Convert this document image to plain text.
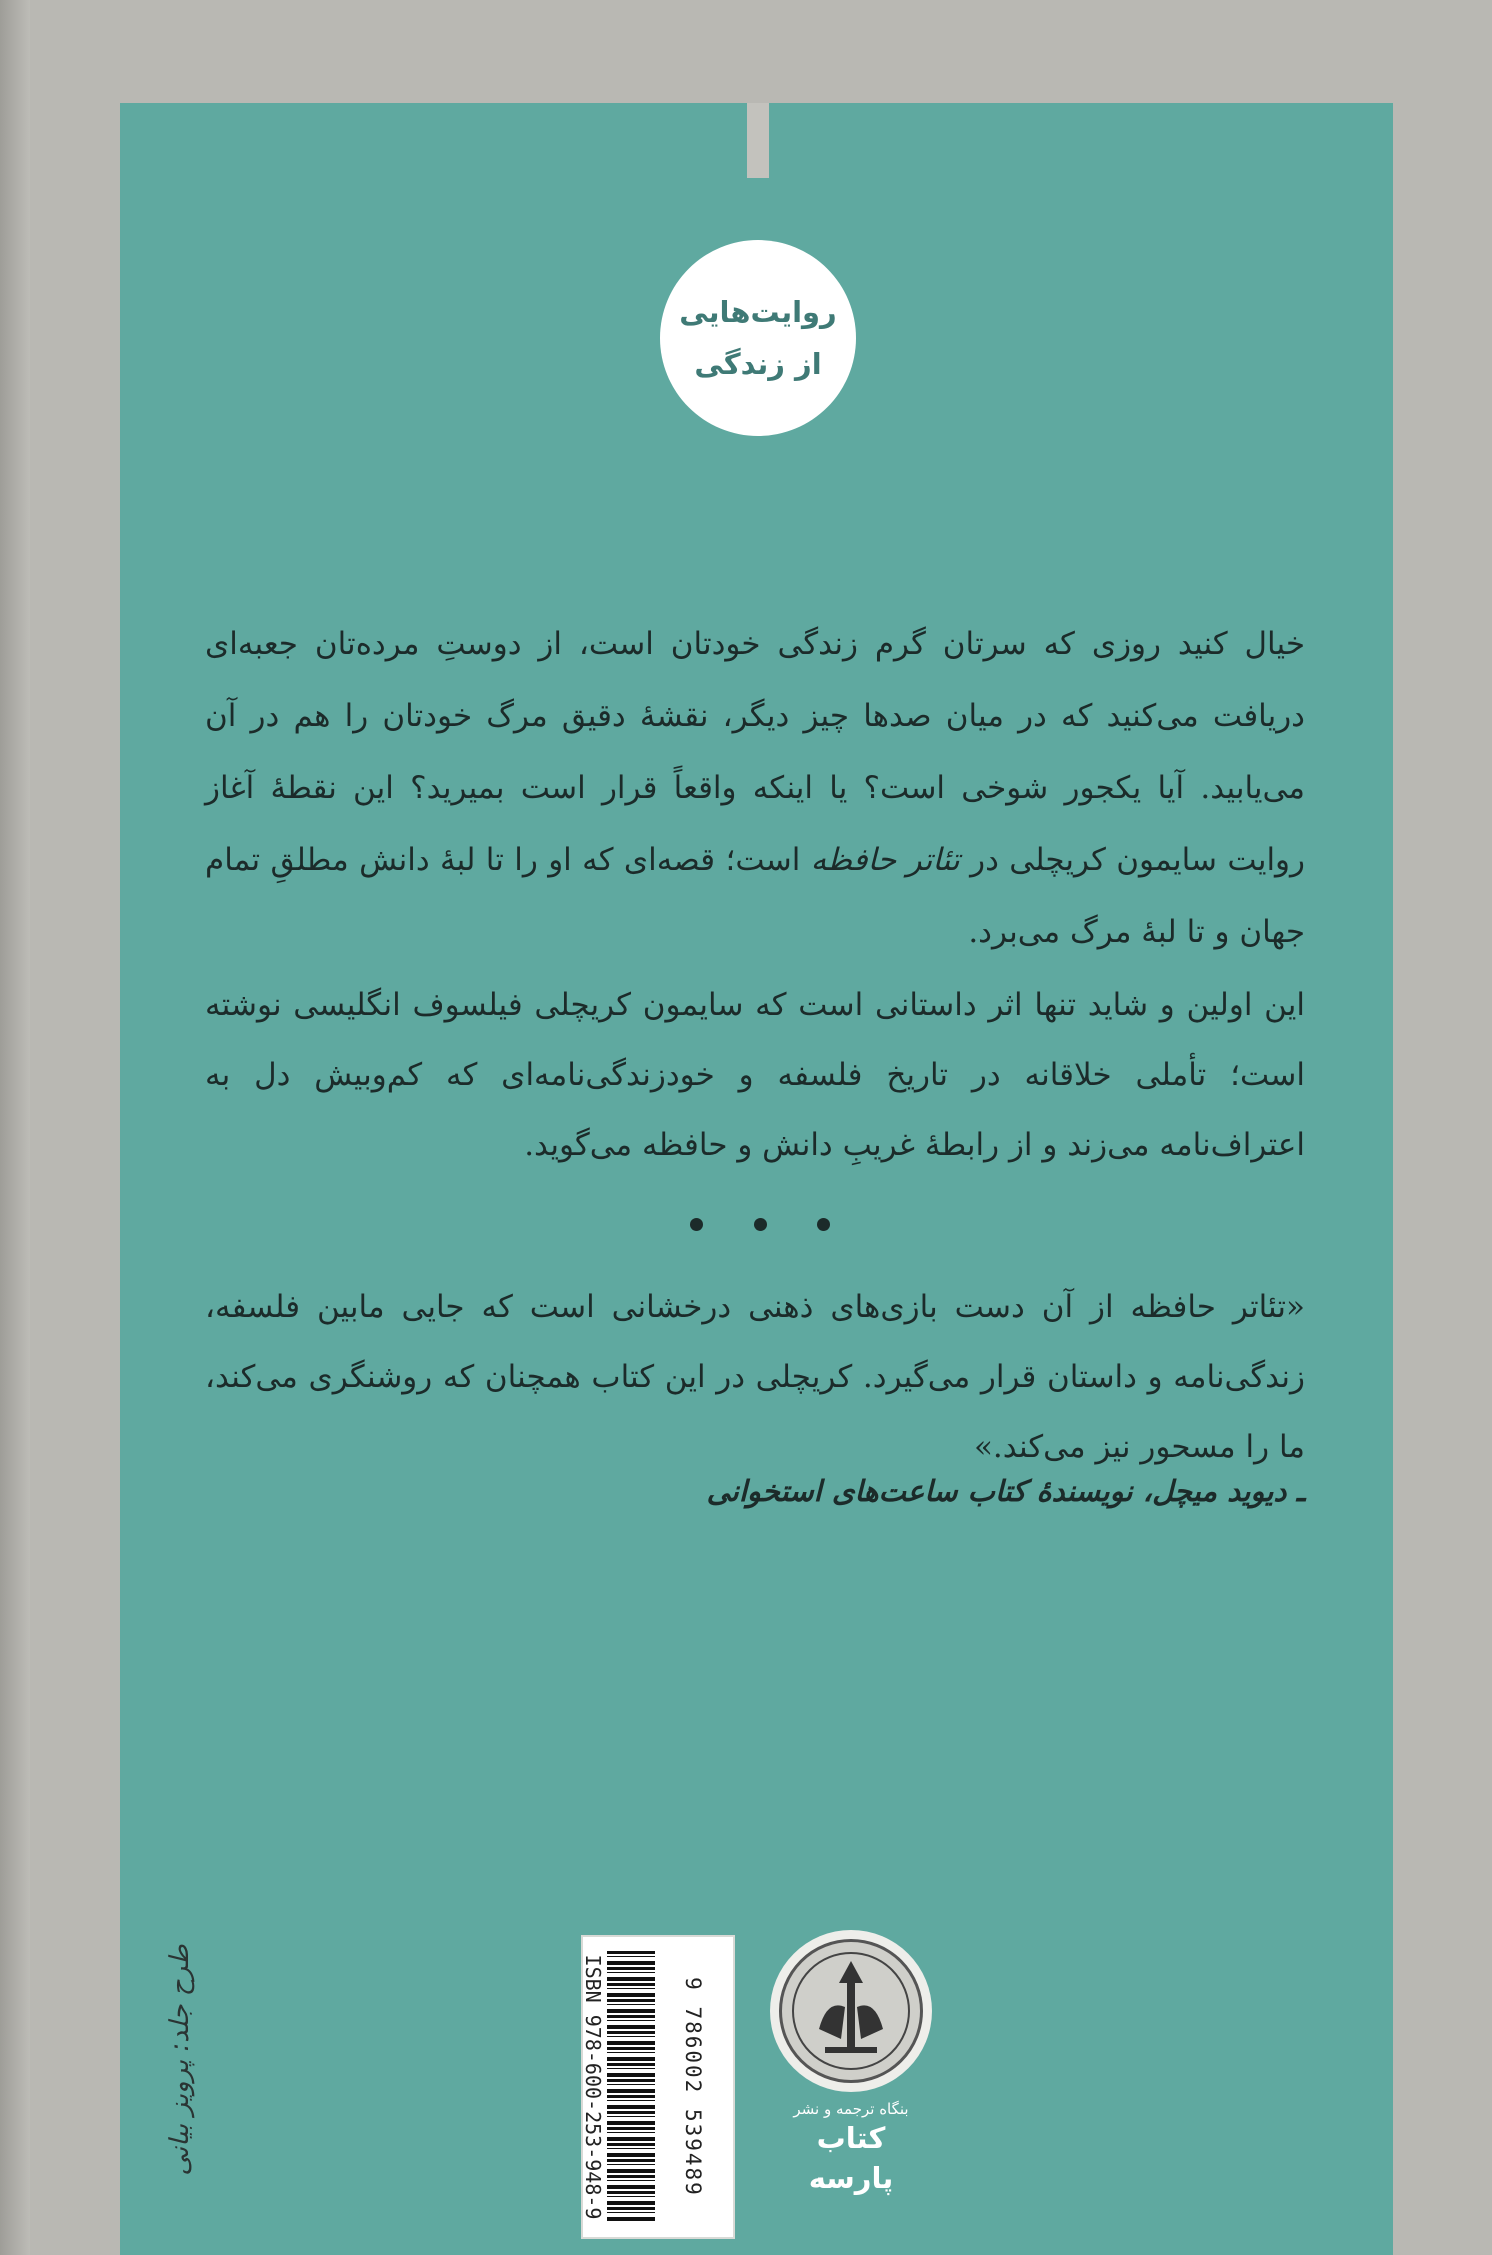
روایت‌هایی
از زندگی

خیال کنید روزی که سرتان گرم زندگی خودتان است، از دوستِ مرده‌تان جعبه‌ای دریافت می‌کنید که در میان صدها چیز دیگر، نقشهٔ دقیق مرگ خودتان را هم در آن می‌یابید. آیا یکجور شوخی است؟ یا اینکه واقعاً قرار است بمیرید؟ این نقطهٔ آغاز روایت سایمون کریچلی در تئاتر حافظه است؛ قصه‌ای که او را تا لبهٔ دانش مطلقِ تمام جهان و تا لبهٔ مرگ می‌برد.

این اولین و شاید تنها اثر داستانی است که سایمون کریچلی فیلسوف انگلیسی نوشته است؛ تأملی خلاقانه در تاریخ فلسفه و خودزندگی‌نامه‌ای که کم‌وبیش دل به اعتراف‌نامه می‌زند و از رابطهٔ غریبِ دانش و حافظه می‌گوید.

«تئاتر حافظه از آن دست بازی‌های ذهنی درخشانی است که جایی مابین فلسفه، زندگی‌نامه و داستان قرار می‌گیرد. کریچلی در این کتاب همچنان که روشنگری می‌کند، ما را مسحور نیز می‌کند.»

ـ دیوید میچل، نویسندهٔ کتاب ساعت‌های استخوانی
ISBN 978-600-253-948-9	9 786002 539489	بنگاه ترجمه و نشر
کتاب پارسه
طرح جلد: پرویز بیانی
